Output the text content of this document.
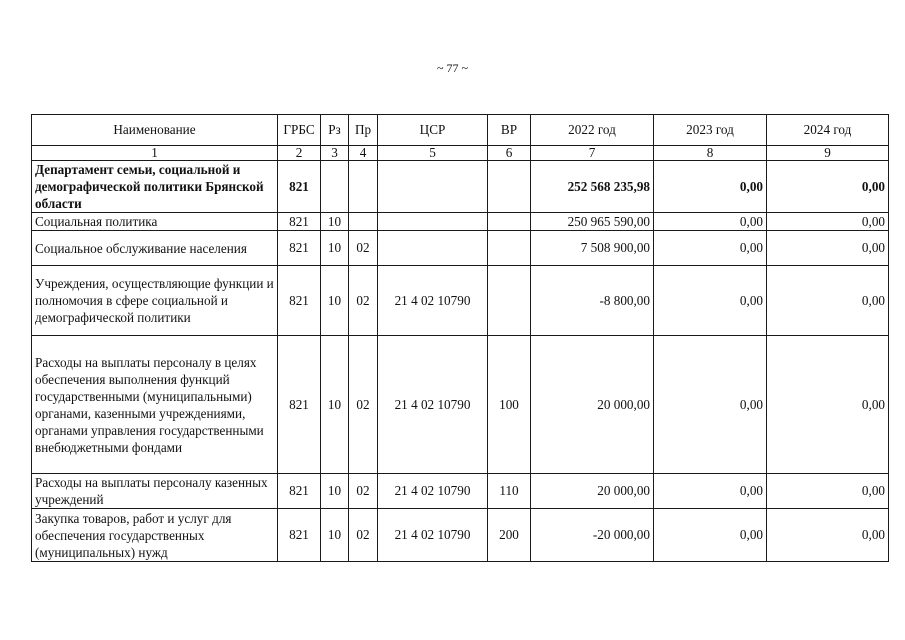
~ 77 ~
Наименование	ГРБС	Рз	Пр	ЦСР	ВР	2022 год	2023 год	2024 год
1	2	3	4	5	6	7	8	9
Департамент семьи, социальной и демографической политики Брянской области	821					252 568 235,98	0,00	0,00
Социальная политика	821	10				250 965 590,00	0,00	0,00
Социальное обслуживание населения	821	10	02			7 508 900,00	0,00	0,00
Учреждения, осуществляющие функции и полномочия в сфере социальной и демографической политики	821	10	02	21 4 02 10790		-8 800,00	0,00	0,00
Расходы на выплаты персоналу в целях обеспечения выполнения функций государственными (муниципальными) органами, казенными учреждениями, органами управления государственными внебюджетными фондами	821	10	02	21 4 02 10790	100	20 000,00	0,00	0,00
Расходы на выплаты персоналу казенных учреждений	821	10	02	21 4 02 10790	110	20 000,00	0,00	0,00
Закупка товаров, работ и услуг для обеспечения государственных (муниципальных) нужд	821	10	02	21 4 02 10790	200	-20 000,00	0,00	0,00
